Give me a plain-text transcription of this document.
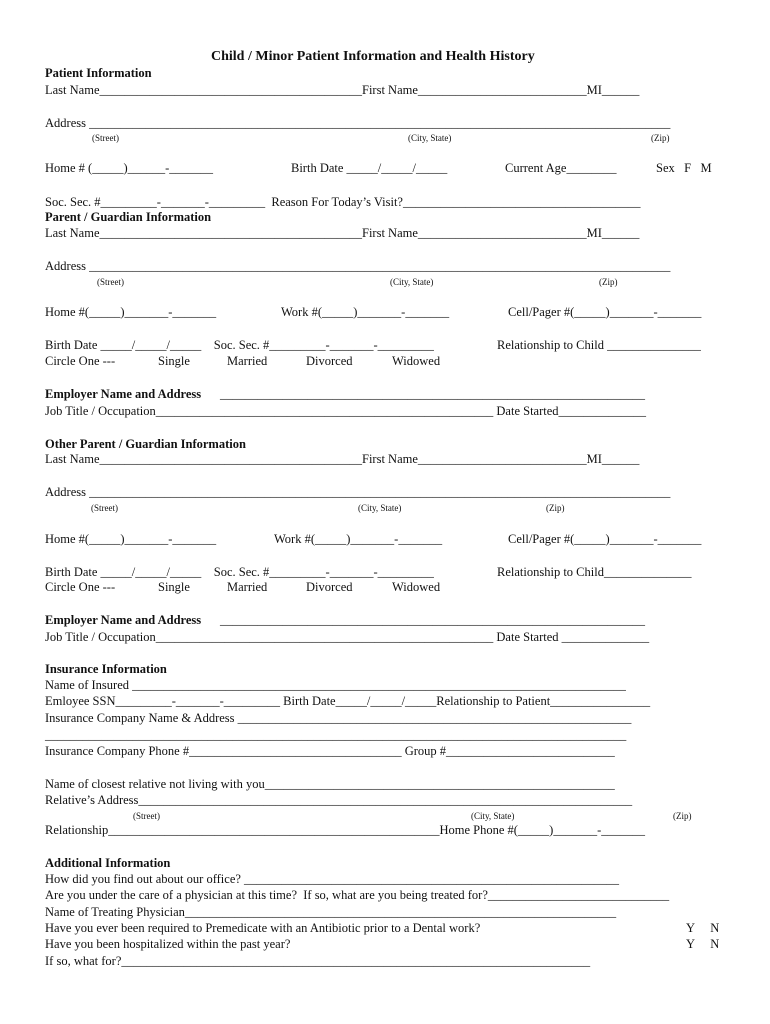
Child / Minor Patient Information and Health History
Patient Information
Last Name__________________________________________First Name___________________________MI______
Address _____________________________________________________________________________________________
(Street)	(City, State)	(Zip)
Home # (_____)______-_______	Birth Date _____/_____/_____	Current Age________	Sex   F   M
Soc. Sec. #_________-_______-_________  Reason For Today’s Visit?______________________________________
Parent / Guardian Information
Last Name__________________________________________First Name___________________________MI______
Address _____________________________________________________________________________________________
(Street)	(City, State)	(Zip)
Home #(_____)_______-_______	Work #(_____)_______-_______	Cell/Pager #(_____)_______-_______
Birth Date _____/_____/_____    Soc. Sec. #_________-_______-_________	Relationship to Child _______________
Circle One ---	Single	Married	Divorced	Widowed
Employer Name and Address ____________________________________________________________________
Job Title / Occupation______________________________________________________ Date Started______________
Other Parent / Guardian Information
Last Name__________________________________________First Name___________________________MI______
Address _____________________________________________________________________________________________
(Street)	(City, State)	(Zip)
Home #(_____)_______-_______	Work #(_____)_______-_______	Cell/Pager #(_____)_______-_______
Birth Date _____/_____/_____    Soc. Sec. #_________-_______-_________	Relationship to Child______________
Circle One ---	Single	Married	Divorced	Widowed
Employer Name and Address ____________________________________________________________________
Job Title / Occupation______________________________________________________ Date Started ______________
Insurance Information
Name of Insured _______________________________________________________________________________
Emloyee SSN_________-_______-_________ Birth Date_____/_____/_____Relationship to Patient________________
Insurance Company Name & Address _______________________________________________________________
_____________________________________________________________________________________________
Insurance Company Phone #__________________________________ Group #___________________________
Name of closest relative not living with you________________________________________________________
Relative’s Address_______________________________________________________________________________
(Street)	(City, State)	(Zip)
Relationship_____________________________________________________Home Phone #(_____)_______-_______
Additional Information
How did you find out about our office? ____________________________________________________________
Are you under the care of a physician at this time?  If so, what are you being treated for?_____________________________
Name of Treating Physician_____________________________________________________________________
Have you ever been required to Premedicate with an Antibiotic prior to a Dental work?	Y     N
Have you been hospitalized within the past year?	Y     N
If so, what for?___________________________________________________________________________
